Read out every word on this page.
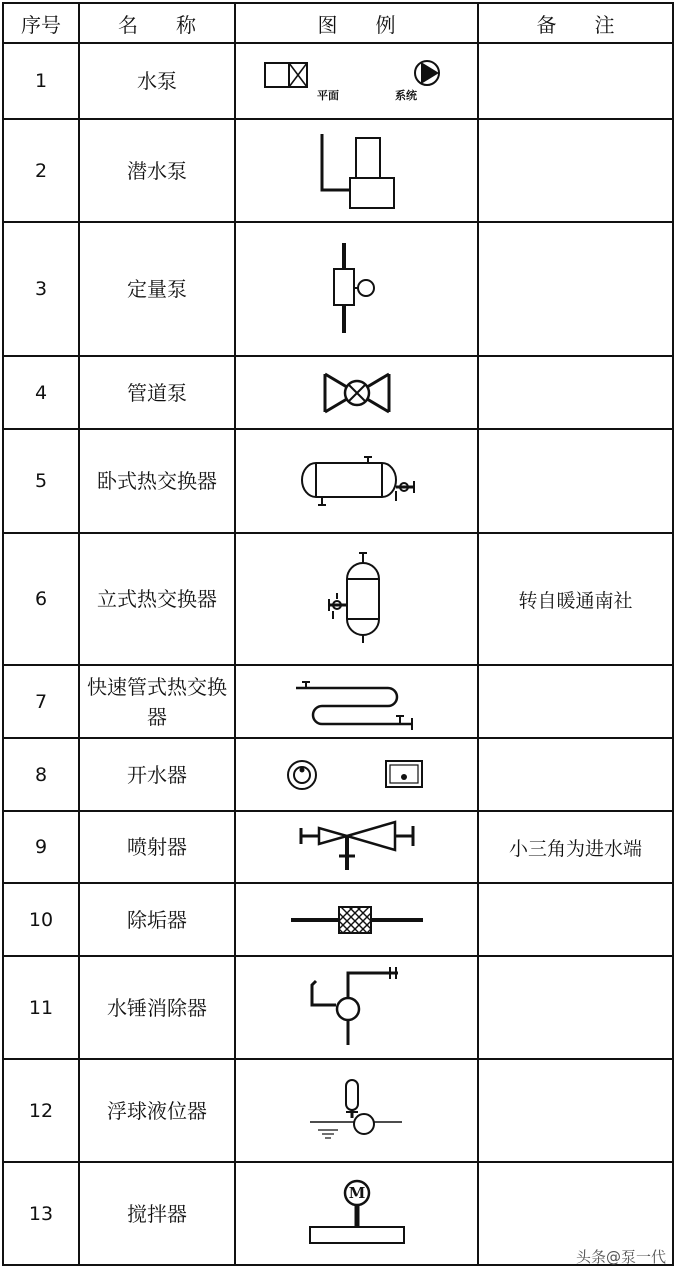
序号	名 称	图 例	备 注
1	水泵	平面 系统	

2	潜水泵	

3	定量泵	

4	管道泵	

5	卧式热交换器	

6	立式热交换器		转自暖通南社
7	快速管式热交换器	

8	开水器	

9	喷射器		小三角为进水端
10	除垢器	

11	水锤消除器	

12	浮球液位器	

13	搅拌器	M	

头条@泵一代
